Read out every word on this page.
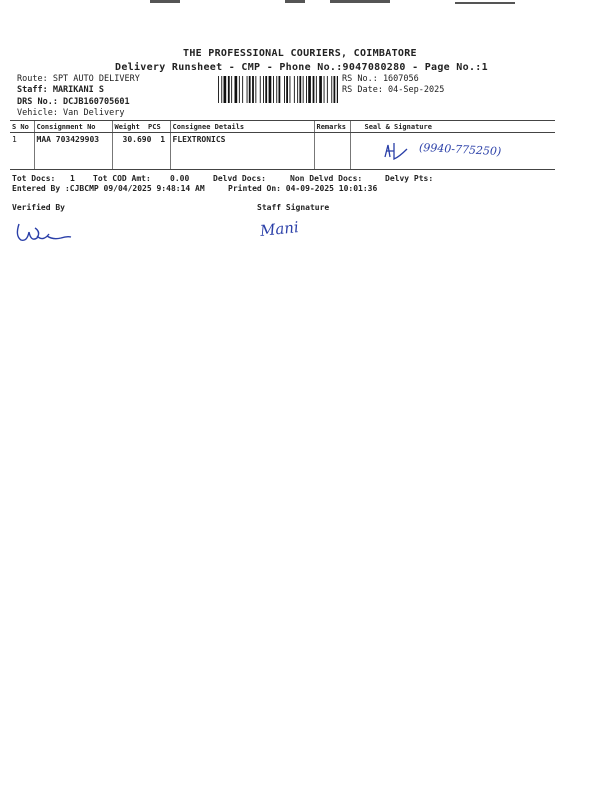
THE PROFESSIONAL COURIERS, COIMBATORE
Delivery Runsheet - CMP - Phone No.:9047080280 - Page No.:1
Route: SPT AUTO DELIVERY
Staff: MARIKANI S
DRS No.: DCJB160705601
Vehicle: Van Delivery
RS No.: 1607056
RS Date: 04-Sep-2025
S No	Consignment No	Weight PCS	Consignee Details	Remarks	Seal & Signature
1	MAA 703429903	30.690 1	FLEXTRONICS		(9940-775250)
Tot Docs: 1 Tot COD Amt: 0.00	Delvd Docs:	Non Delvd Docs:	Delvy Pts:
Entered By :CJBCMP 09/04/2025 9:48:14 AM	Printed On: 04-09-2025 10:01:36
Verified By	Staff Signature
Mani
